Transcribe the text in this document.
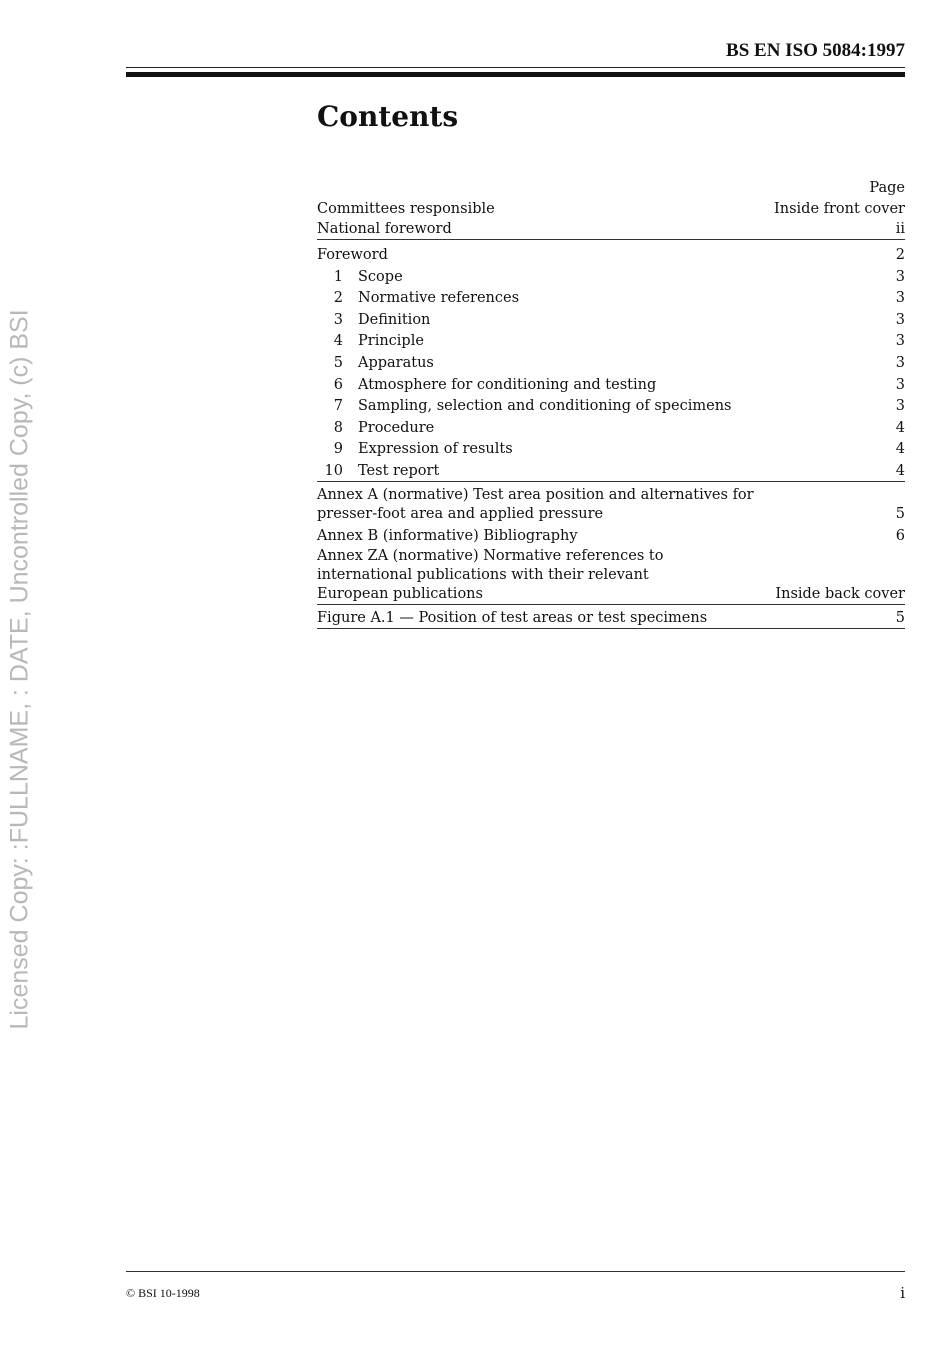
BS EN ISO 5084:1997
Licensed Copy: :FULLNAME, : DATE, Uncontrolled Copy, (c) BSI
Contents
Page
Committees responsible	Inside front cover
National foreword	ii
Foreword	2
1 Scope	3
2 Normative references	3
3 Definition	3
4 Principle	3
5 Apparatus	3
6 Atmosphere for conditioning and testing	3
7 Sampling, selection and conditioning of specimens	3
8 Procedure	4
9 Expression of results	4
10 Test report	4
Annex A (normative) Test area position and alternatives for
presser-foot area and applied pressure	5
Annex B (informative) Bibliography	6
Annex ZA (normative) Normative references to
international publications with their relevant
European publications	Inside back cover
Figure A.1 — Position of test areas or test specimens	5
© BSI 10-1998	i
